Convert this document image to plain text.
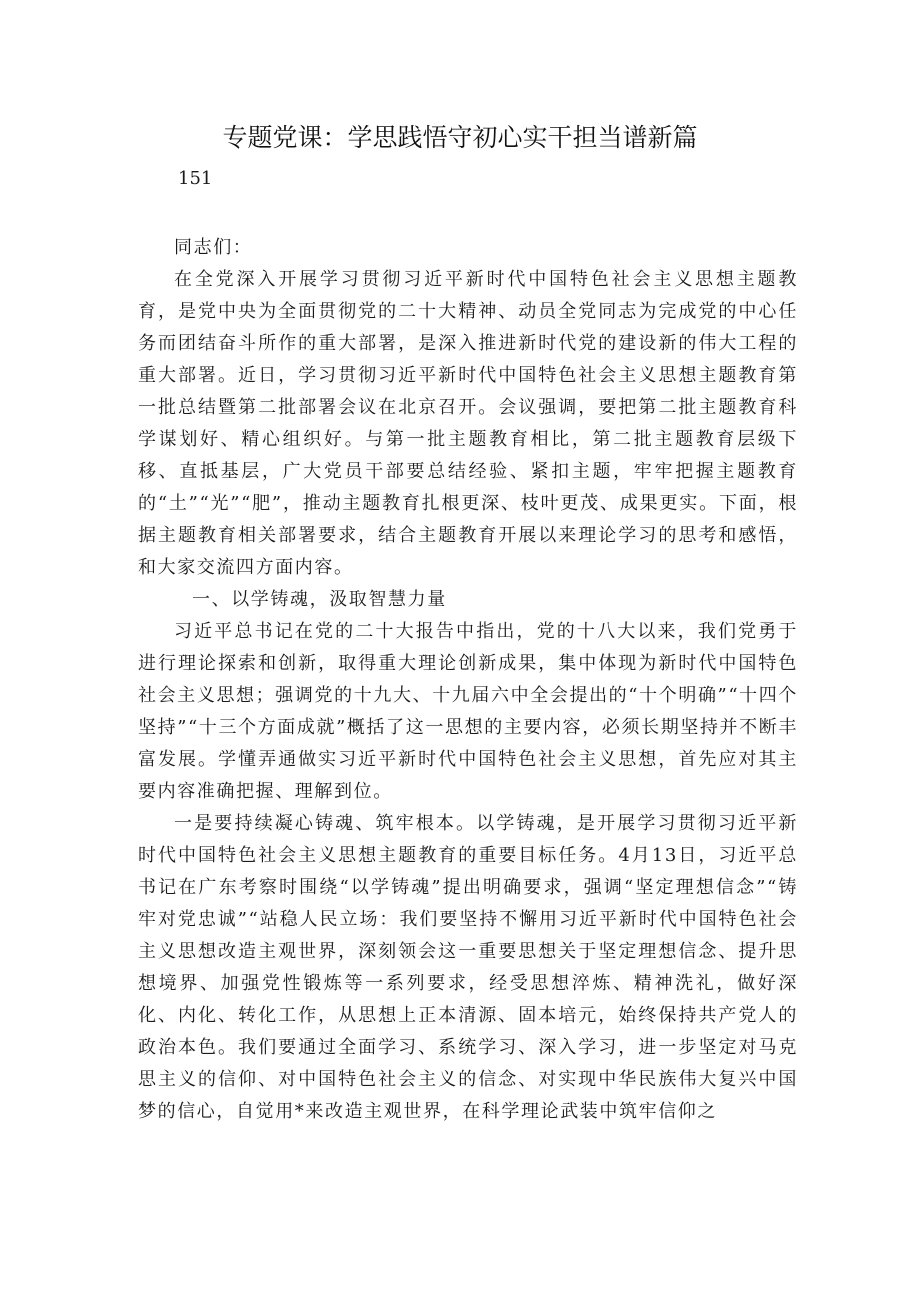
专题党课：学思践悟守初心实干担当谱新篇
151

同志们：

在全党深入开展学习贯彻习近平新时代中国特色社会主义思想主题教育，是党中央为全面贯彻党的二十大精神、动员全党同志为完成党的中心任务而团结奋斗所作的重大部署，是深入推进新时代党的建设新的伟大工程的重大部署。近日，学习贯彻习近平新时代中国特色社会主义思想主题教育第一批总结暨第二批部署会议在北京召开。会议强调，要把第二批主题教育科学谋划好、精心组织好。与第一批主题教育相比，第二批主题教育层级下移、直抵基层，广大党员干部要总结经验、紧扣主题，牢牢把握主题教育的“土”“光”“肥”，推动主题教育扎根更深、枝叶更茂、成果更实。下面，根据主题教育相关部署要求，结合主题教育开展以来理论学习的思考和感悟，和大家交流四方面内容。

一、以学铸魂，汲取智慧力量

习近平总书记在党的二十大报告中指出，党的十八大以来，我们党勇于进行理论探索和创新，取得重大理论创新成果，集中体现为新时代中国特色社会主义思想；强调党的十九大、十九届六中全会提出的“十个明确”“十四个坚持”“十三个方面成就”概括了这一思想的主要内容，必须长期坚持并不断丰富发展。学懂弄通做实习近平新时代中国特色社会主义思想，首先应对其主要内容准确把握、理解到位。

一是要持续凝心铸魂、筑牢根本。以学铸魂，是开展学习贯彻习近平新时代中国特色社会主义思想主题教育的重要目标任务。4月13日，习近平总书记在广东考察时围绕“以学铸魂”提出明确要求，强调“坚定理想信念”“铸牢对党忠诚”“站稳人民立场：我们要坚持不懈用习近平新时代中国特色社会主义思想改造主观世界，深刻领会这一重要思想关于坚定理想信念、提升思想境界、加强党性锻炼等一系列要求，经受思想淬炼、精神洗礼，做好深化、内化、转化工作，从思想上正本清源、固本培元，始终保持共产党人的政治本色。我们要通过全面学习、系统学习、深入学习，进一步坚定对马克思主义的信仰、对中国特色社会主义的信念、对实现中华民族伟大复兴中国梦的信心，自觉用*来改造主观世界，在科学理论武装中筑牢信仰之
